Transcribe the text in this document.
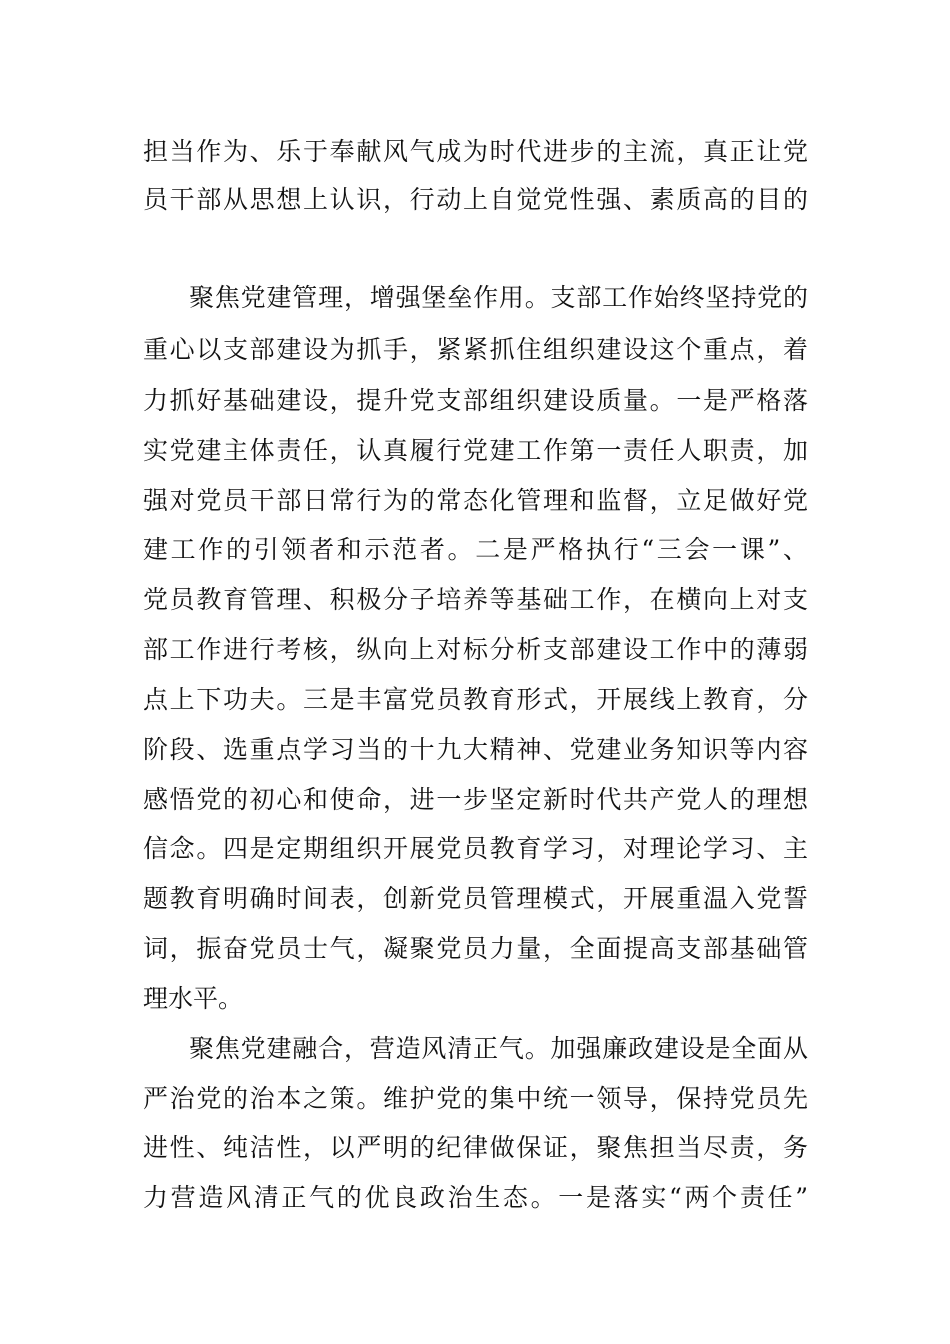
担当作为、乐于奉献风气成为时代进步的主流，真正让党
员干部从思想上认识，行动上自觉党性强、素质高的目的
聚焦党建管理，增强堡垒作用。支部工作始终坚持党的
重心以支部建设为抓手，紧紧抓住组织建设这个重点，着
力抓好基础建设，提升党支部组织建设质量。一是严格落
实党建主体责任，认真履行党建工作第一责任人职责，加
强对党员干部日常行为的常态化管理和监督，立足做好党
建工作的引领者和示范者。二是严格执行“三会一课”、
党员教育管理、积极分子培养等基础工作，在横向上对支
部工作进行考核，纵向上对标分析支部建设工作中的薄弱
点上下功夫。三是丰富党员教育形式，开展线上教育，分
阶段、选重点学习当的十九大精神、党建业务知识等内容
感悟党的初心和使命，进一步坚定新时代共产党人的理想
信念。四是定期组织开展党员教育学习，对理论学习、主
题教育明确时间表，创新党员管理模式，开展重温入党誓
词，振奋党员士气，凝聚党员力量，全面提高支部基础管
理水平。
聚焦党建融合，营造风清正气。加强廉政建设是全面从
严治党的治本之策。维护党的集中统一领导，保持党员先
进性、纯洁性，以严明的纪律做保证，聚焦担当尽责，务
力营造风清正气的优良政治生态。一是落实“两个责任”
